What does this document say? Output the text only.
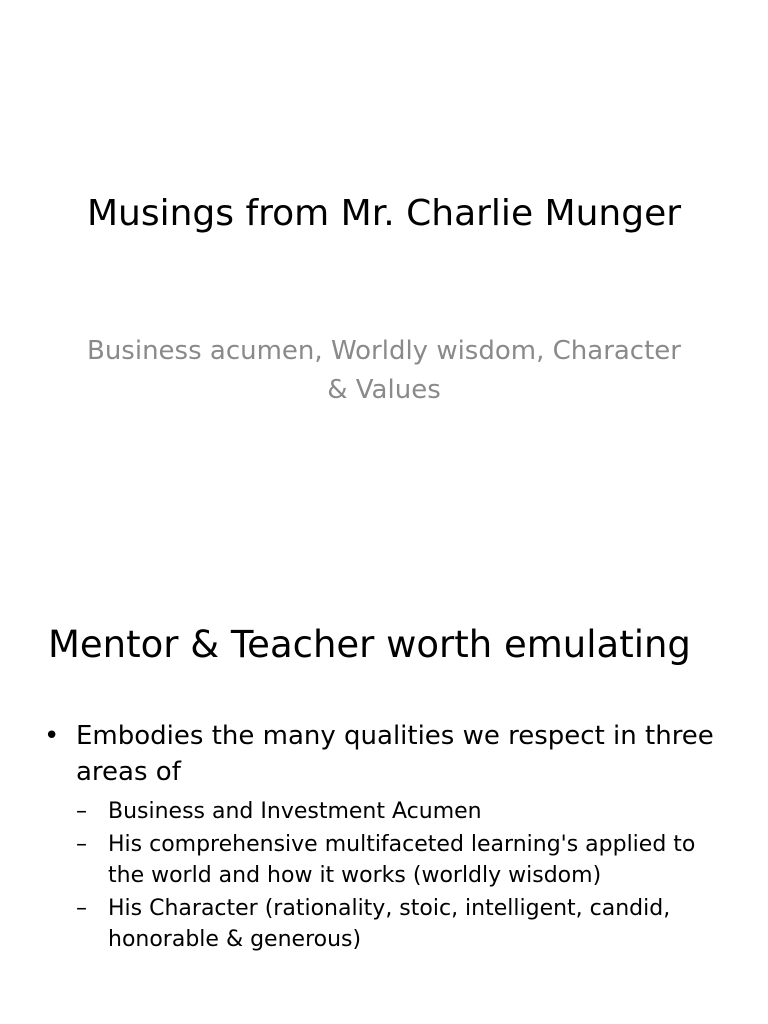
Musings from Mr. Charlie Munger
Business acumen, Worldly wisdom, Character & Values
Mentor & Teacher worth emulating
• Embodies the many qualities we respect in three areas of
– Business and Investment Acumen
– His comprehensive multifaceted learning's applied to the world and how it works (worldly wisdom)
– His Character (rationality, stoic, intelligent, candid, honorable & generous)
